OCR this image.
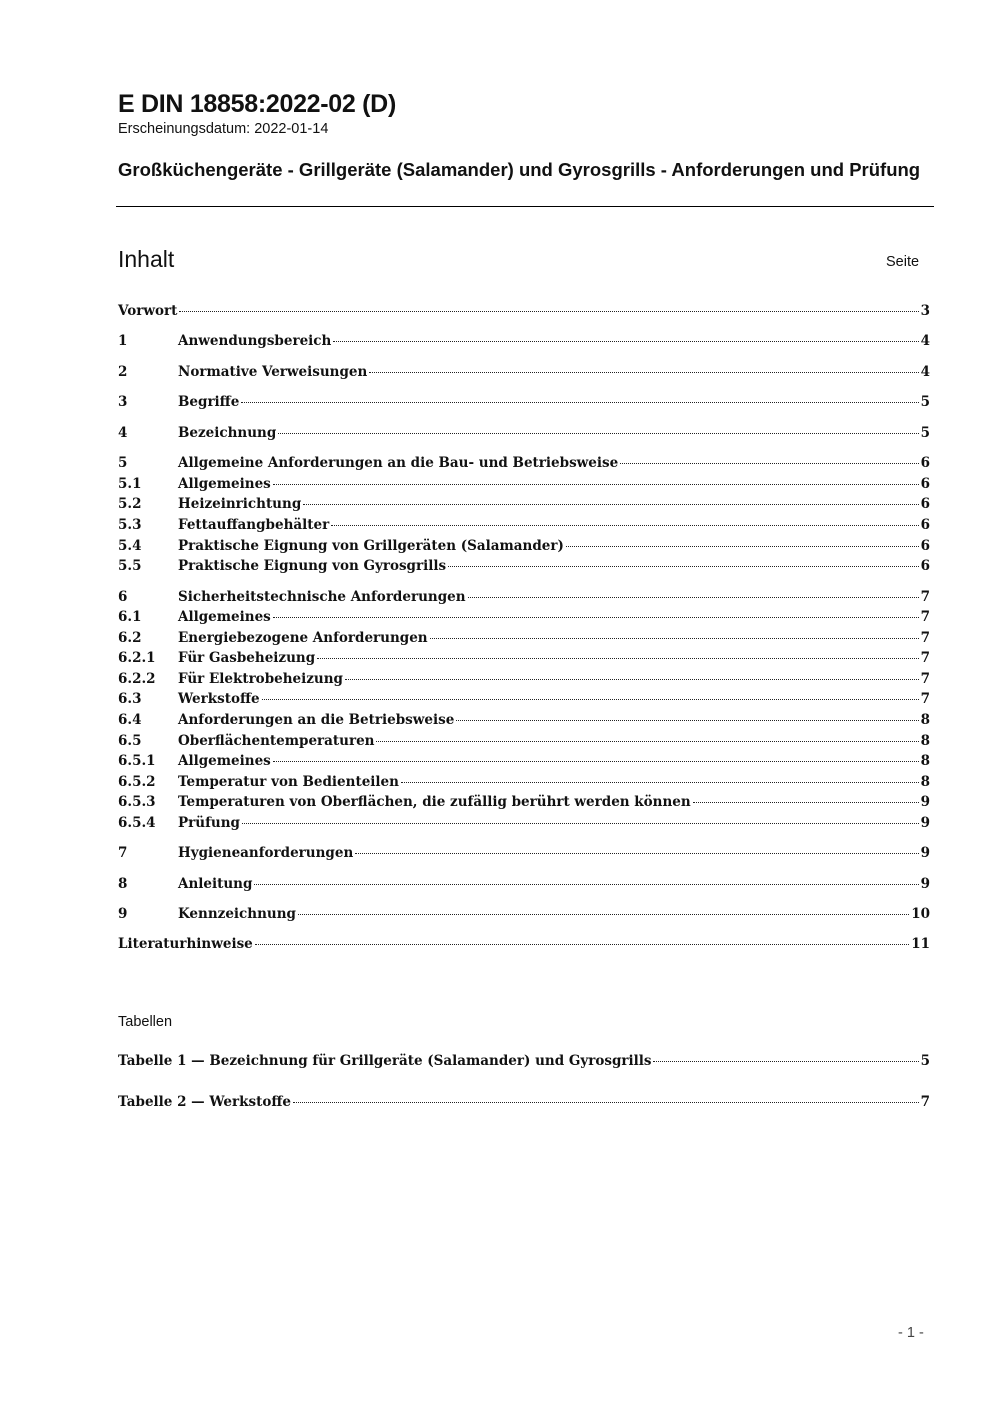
E DIN 18858:2022-02 (D)
Erscheinungsdatum: 2022-01-14
Großküchengeräte - Grillgeräte (Salamander) und Gyrosgrills - Anforderungen und Prüfung
Inhalt	Seite
Vorwort	3
1	Anwendungsbereich	4
2	Normative Verweisungen	4
3	Begriffe	5
4	Bezeichnung	5
5	Allgemeine Anforderungen an die Bau- und Betriebsweise	6
5.1	Allgemeines	6
5.2	Heizeinrichtung	6
5.3	Fettauffangbehälter	6
5.4	Praktische Eignung von Grillgeräten (Salamander)	6
5.5	Praktische Eignung von Gyrosgrills	6
6	Sicherheitstechnische Anforderungen	7
6.1	Allgemeines	7
6.2	Energiebezogene Anforderungen	7
6.2.1	Für Gasbeheizung	7
6.2.2	Für Elektrobeheizung	7
6.3	Werkstoffe	7
6.4	Anforderungen an die Betriebsweise	8
6.5	Oberflächentemperaturen	8
6.5.1	Allgemeines	8
6.5.2	Temperatur von Bedienteilen	8
6.5.3	Temperaturen von Oberflächen, die zufällig berührt werden können	9
6.5.4	Prüfung	9
7	Hygieneanforderungen	9
8	Anleitung	9
9	Kennzeichnung	10
Literaturhinweise	11
Tabellen
Tabelle 1 — Bezeichnung für Grillgeräte (Salamander) und Gyrosgrills	5
Tabelle 2 — Werkstoffe	7
- 1 -
